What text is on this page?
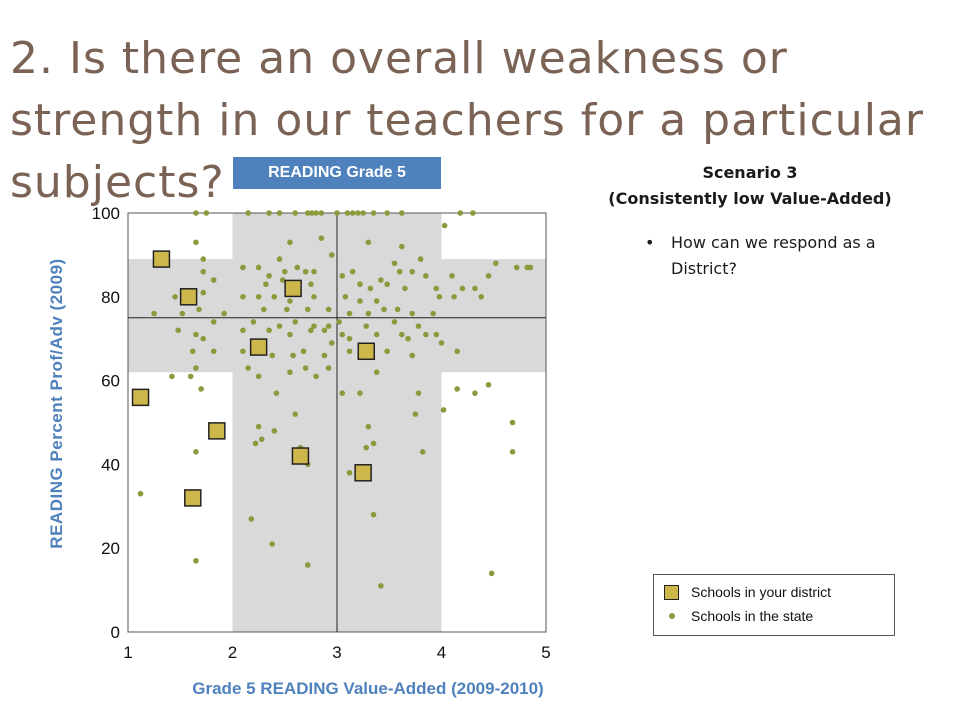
2. Is there an overall weakness or strength in our teachers for a particular subjects?
0
20
40
60
80
100
1	2	3	4	5
READING Percent Prof/Adv (2009)
Grade 5 READING Value-Added (2009-2010)
READING Grade 5	Scenario 3
(Consistently low Value-Added)
•	How can we respond as a District?
Schools in your district
Schools in the state
